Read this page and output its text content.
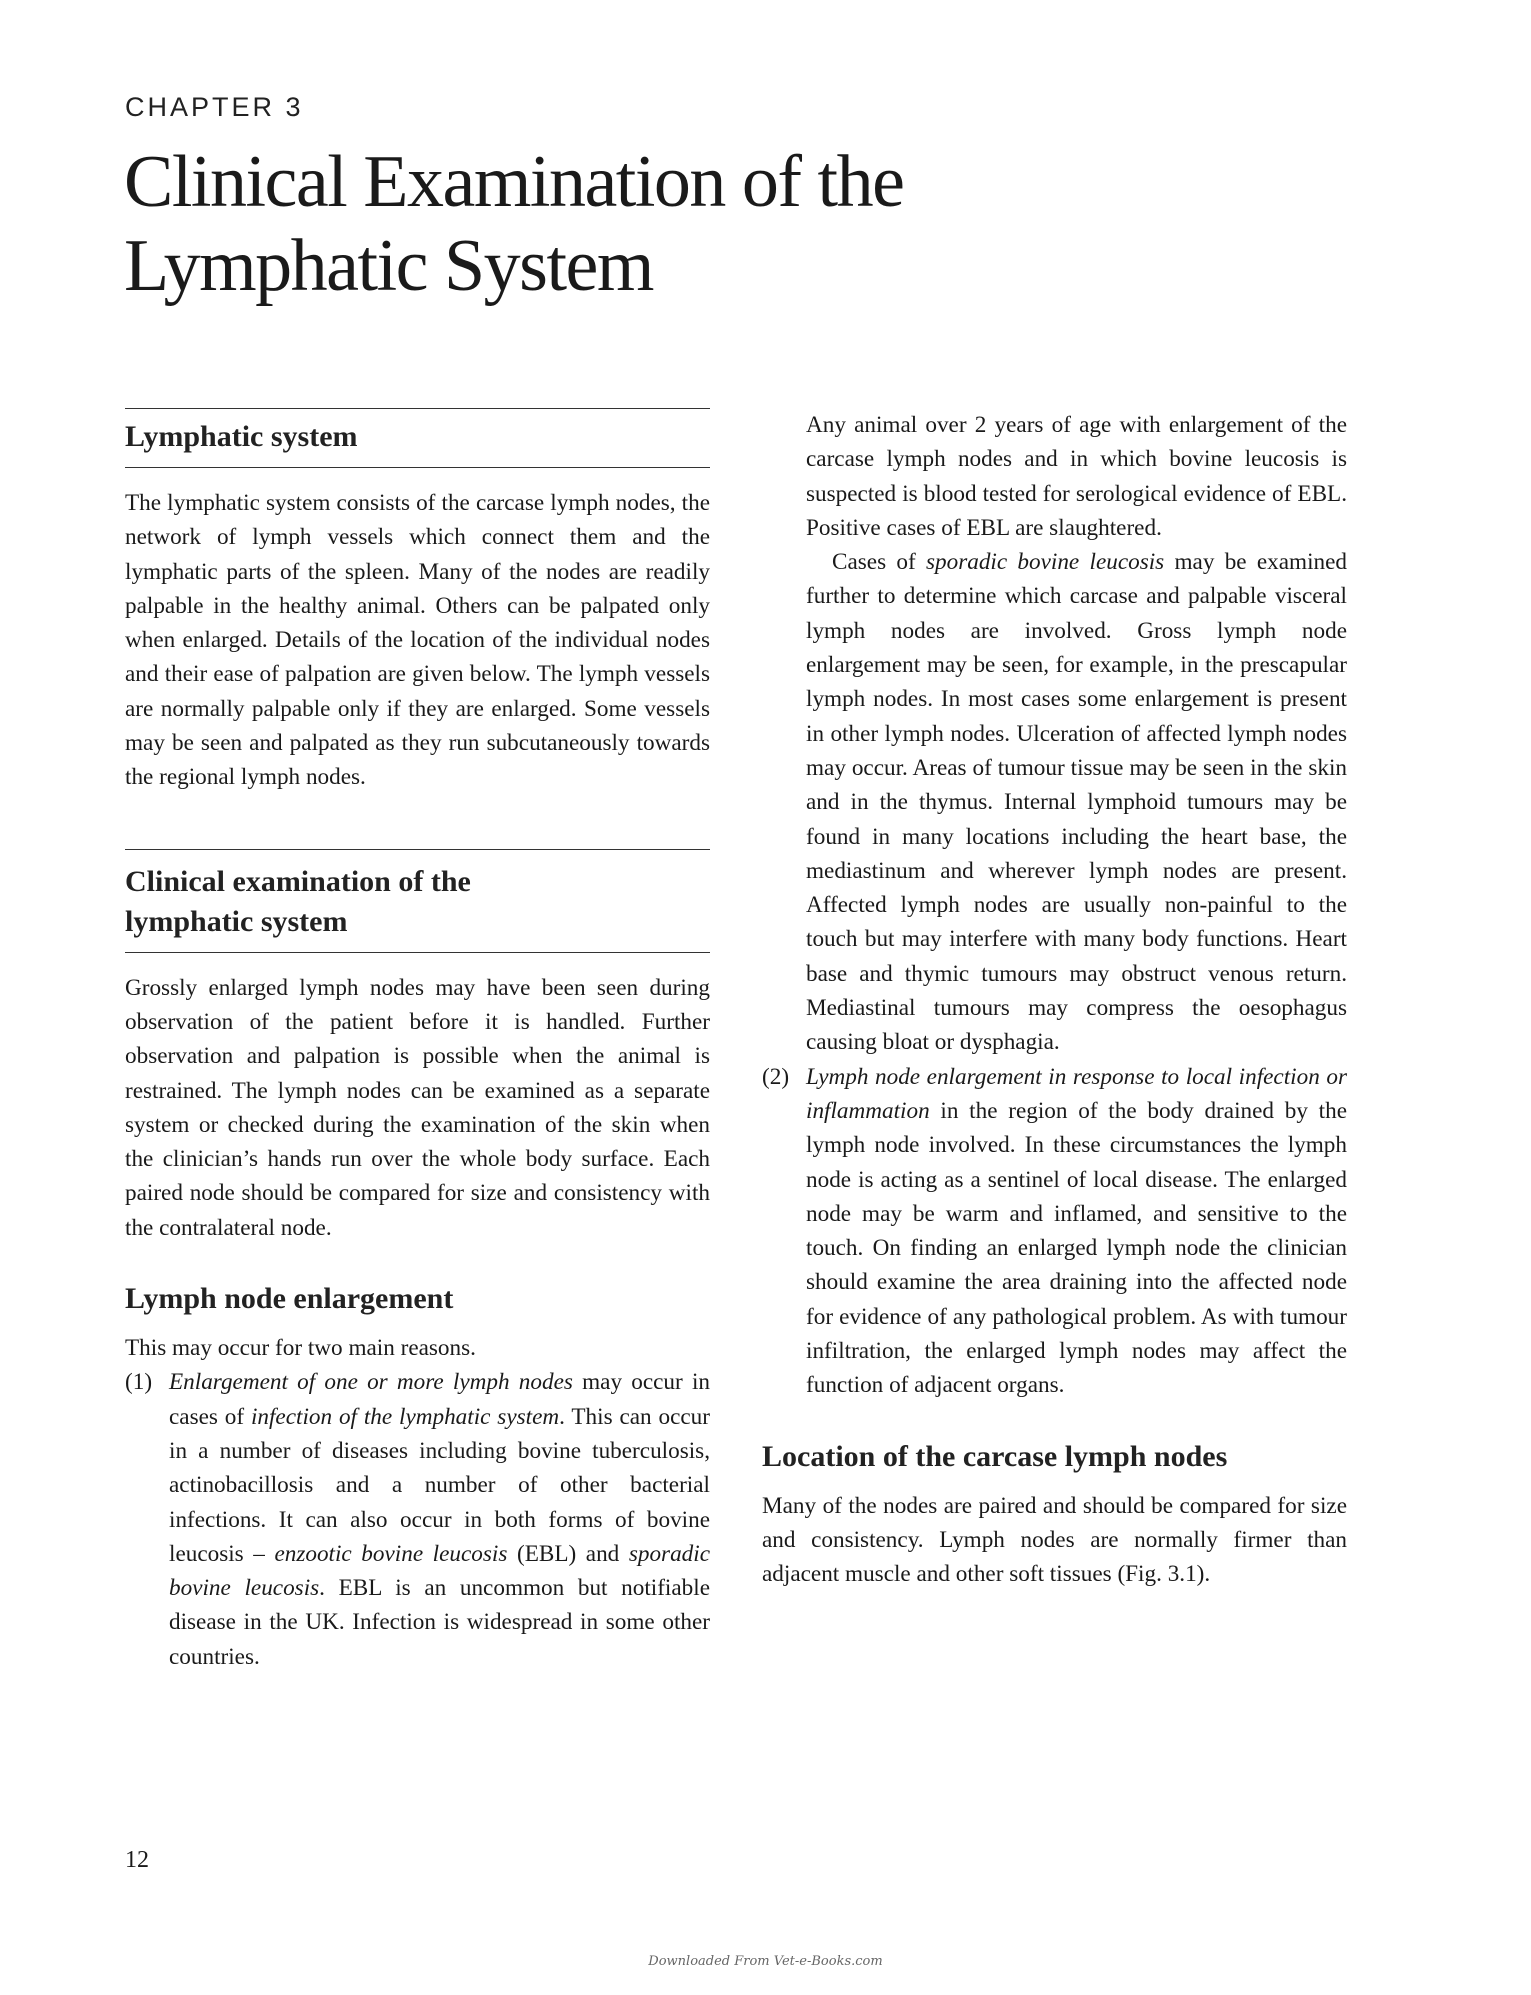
CHAPTER 3
Clinical Examination of the
Lymphatic System
Lymphatic system

The lymphatic system consists of the carcase lymph nodes, the network of lymph vessels which connect them and the lymphatic parts of the spleen. Many of the nodes are readily palpable in the healthy animal. Others can be palpated only when enlarged. Details of the location of the individual nodes and their ease of palpation are given below. The lymph vessels are normally palpable only if they are enlarged. Some vessels may be seen and palpated as they run subcutaneously towards the regional lymph nodes.

Clinical examination of the
lymphatic system

Grossly enlarged lymph nodes may have been seen during observation of the patient before it is handled. Further observation and palpation is possible when the animal is restrained. The lymph nodes can be examined as a separate system or checked during the examination of the skin when the clinician’s hands run over the whole body surface. Each paired node should be compared for size and consistency with the contralateral node.

Lymph node enlargement

This may occur for two main reasons.

(1) Enlargement of one or more lymph nodes may occur in cases of infection of the lymphatic system. This can occur in a number of diseases including bovine tuberculosis, actinobacillosis and a number of other bacterial infections. It can also occur in both forms of bovine leucosis – enzootic bovine leucosis (EBL) and sporadic bovine leucosis. EBL is an uncommon but notifiable disease in the UK. Infection is widespread in some other countries.

Any animal over 2 years of age with enlargement of the carcase lymph nodes and in which bovine leucosis is suspected is blood tested for serological evidence of EBL. Positive cases of EBL are slaughtered.

Cases of sporadic bovine leucosis may be examined further to determine which carcase and palpable visceral lymph nodes are involved. Gross lymph node enlargement may be seen, for example, in the prescapular lymph nodes. In most cases some enlargement is present in other lymph nodes. Ulceration of affected lymph nodes may occur. Areas of tumour tissue may be seen in the skin and in the thymus. Internal lymphoid tumours may be found in many locations including the heart base, the mediastinum and wherever lymph nodes are present. Affected lymph nodes are usually non-painful to the touch but may interfere with many body functions. Heart base and thymic tumours may obstruct venous return. Mediastinal tumours may compress the oesophagus causing bloat or dysphagia.

(2) Lymph node enlargement in response to local infection or inflammation in the region of the body drained by the lymph node involved. In these circumstances the lymph node is acting as a sentinel of local disease. The enlarged node may be warm and inflamed, and sensitive to the touch. On finding an enlarged lymph node the clinician should examine the area draining into the affected node for evidence of any pathological problem. As with tumour infiltration, the enlarged lymph nodes may affect the function of adjacent organs.

Location of the carcase lymph nodes

Many of the nodes are paired and should be compared for size and consistency. Lymph nodes are normally firmer than adjacent muscle and other soft tissues (Fig. 3.1).

12
Downloaded From Vet-e-Books.com
